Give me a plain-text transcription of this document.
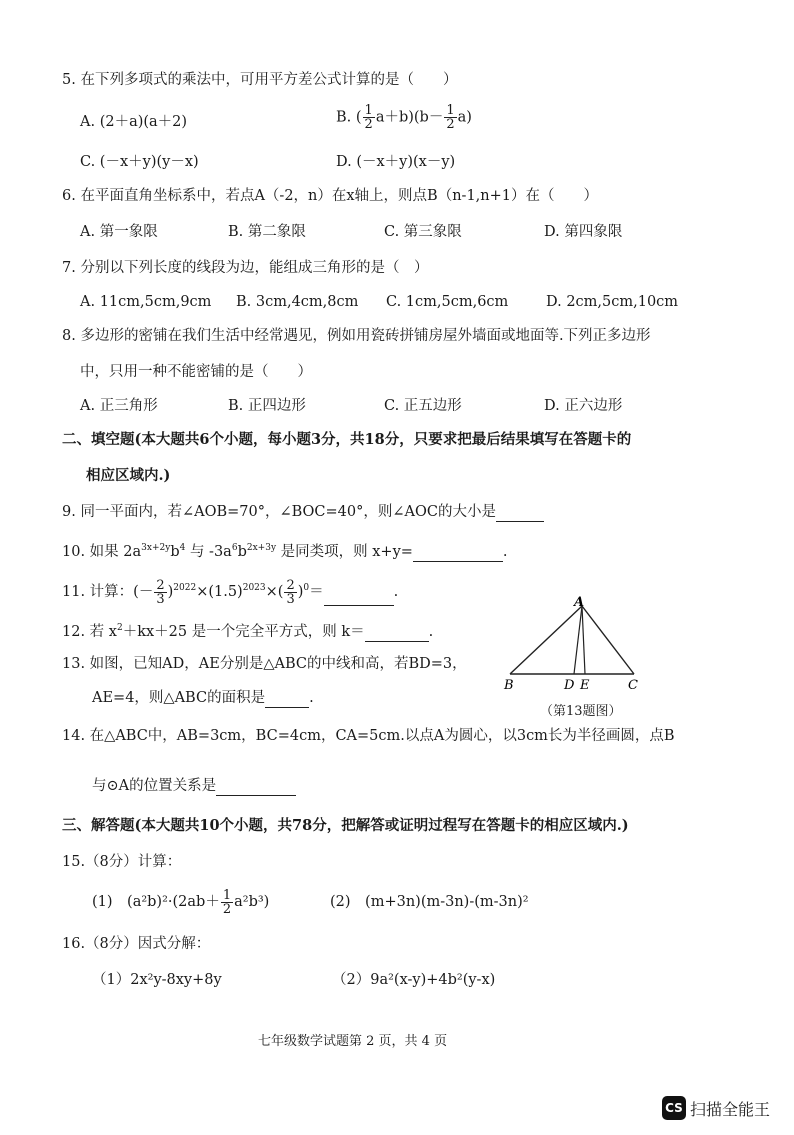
5. 在下列多项式的乘法中，可用平方差公式计算的是（　　）
A. (2＋a)(a＋2)	B. ( $\frac{1}{2} a+b)(b- \frac{1}{2} a)$
C. (－x＋y)(y－x)	D. (－x＋y)(x－y)
6. 在平面直角坐标系中，若点A（-2，n）在x轴上，则点B（n-1,n+1）在（　　）
A. 第一象限	B. 第二象限	C. 第三象限	D. 第四象限
7. 分别以下列长度的线段为边，能组成三角形的是（　）
A. 11cm,5cm,9cm B. 3cm,4cm,8cm C. 1cm,5cm,6cm	D. 2cm,5cm,10cm
8. 多边形的密铺在我们生活中经常遇见，例如用瓷砖拼铺房屋外墙面或地面等.下列正多边形
中，只用一种不能密铺的是（　　）
A. 正三角形	B. 正四边形	C. 正五边形	D. 正六边形
二、填空题(本大题共6个小题，每小题3分，共18分，只要求把最后结果填写在答题卡的
相应区域内.)
9. 同一平面内，若∠AOB=70°，∠BOC=40°，则∠AOC的大小是
10. 如果 $2a^{3x+2y}b^4$ 与 $-3a^6b^{2x+3y}$ 是同类项，则 x+y=	.
11. 计算：(－ $\frac{2}{3} )^{2022}\times(1.5)^{2023}\times( \frac{2}{3} )^0=$	.
12. 若 $x^2+kx+25$ 是一个完全平方式，则 k＝	.
13. 如图，已知AD，AE分别是△ABC的中线和高，若BD=3，
AE=4，则△ABC的面积是	.
A
B	D E	C
（第13题图）
14. 在△ABC中，AB=3cm，BC=4cm，CA=5cm.以点A为圆心，以3cm长为半径画圆，点B
与⊙A的位置关系是
三、解答题(本大题共10个小题，共78分，把解答或证明过程写在答题卡的相应区域内.)
15.（8分）计算：
(1)　$(a^2b)^2\cdot(2ab+ \frac{1}{2} a^2b^3)$	(2)　(m+3n)(m-3n)-(m-3n)²
16.（8分）因式分解：
（1）2x²y-8xy+8y	（2）9a²(x-y)+4b²(y-x)
七年级数学试题第 2 页，共 4 页
CS 扫描全能王
